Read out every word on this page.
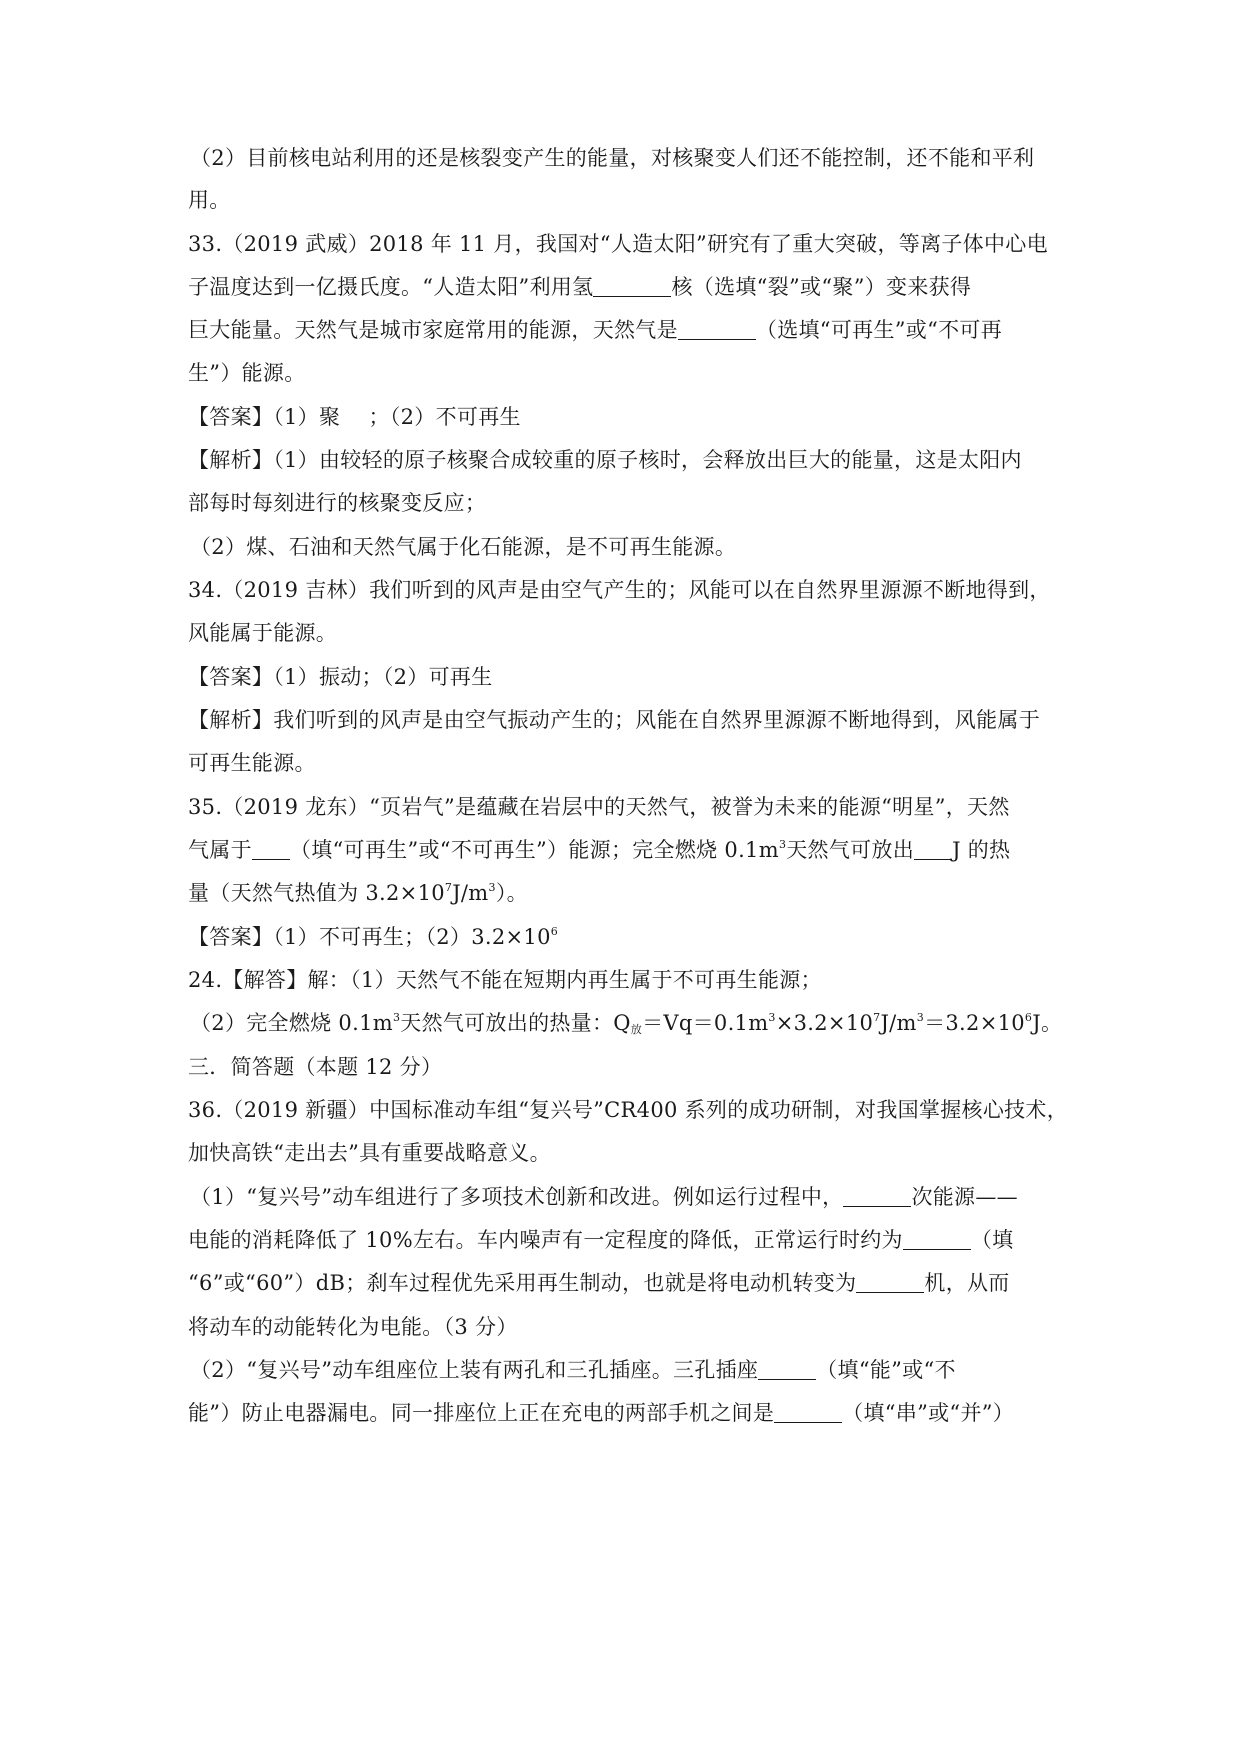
（2）目前核电站利用的还是核裂变产生的能量，对核聚变人们还不能控制，还不能和平利
用。
33.（2019 武威）2018 年 11 月，我国对“人造太阳”研究有了重大突破，等离子体中心电
子温度达到一亿摄氏度。“人造太阳”利用氢	核（选填“裂”或“聚”）变来获得
巨大能量。天然气是城市家庭常用的能源，天然气是	（选填“可再生”或“不可再
生”）能源。
【答案】（1）聚　 ；（2）不可再生
【解析】（1）由较轻的原子核聚合成较重的原子核时，会释放出巨大的能量，这是太阳内
部每时每刻进行的核聚变反应；
（2）煤、石油和天然气属于化石能源，是不可再生能源。
34.（2019 吉林）我们听到的风声是由空气产生的；风能可以在自然界里源源不断地得到，
风能属于能源。
【答案】（1）振动；（2）可再生
【解析】我们听到的风声是由空气振动产生的；风能在自然界里源源不断地得到，风能属于
可再生能源。
35.（2019 龙东）“页岩气”是蕴藏在岩层中的天然气，被誉为未来的能源“明星”，天然
气属于 （填“可再生”或“不可再生”）能源；完全燃烧 $0.1m^3$天然气可放出 J 的热
量（天然气热值为 $3.2\times 10^7J/m^3$）。
【答案】（1）不可再生；$(2)3.2\times 10^6$
24.【解答】解：（1）天然气不能在短期内再生属于不可再生能源；
（2）完全燃烧 $0.1m^3$天然气可放出的热量：$Q_放=Vq=0.1m^3\times 3.2\times 10^7J/m^3=3.2\times 10^6J$。
三．简答题（本题 12 分）
36.（2019 新疆）中国标准动车组“复兴号”CR400 系列的成功研制，对我国掌握核心技术，
加快高铁“走出去”具有重要战略意义。
（1）“复兴号”动车组进行了多项技术创新和改进。例如运行过程中，	次能源——
电能的消耗降低了 10%左右。车内噪声有一定程度的降低，正常运行时约为	（填
“6”或“60”）dB；刹车过程优先采用再生制动，也就是将电动机转变为	机，从而
将动车的动能转化为电能。（3 分）
（2）“复兴号”动车组座位上装有两孔和三孔插座。三孔插座	（填“能”或“不
能”）防止电器漏电。同一排座位上正在充电的两部手机之间是	（填“串”或“并”）
